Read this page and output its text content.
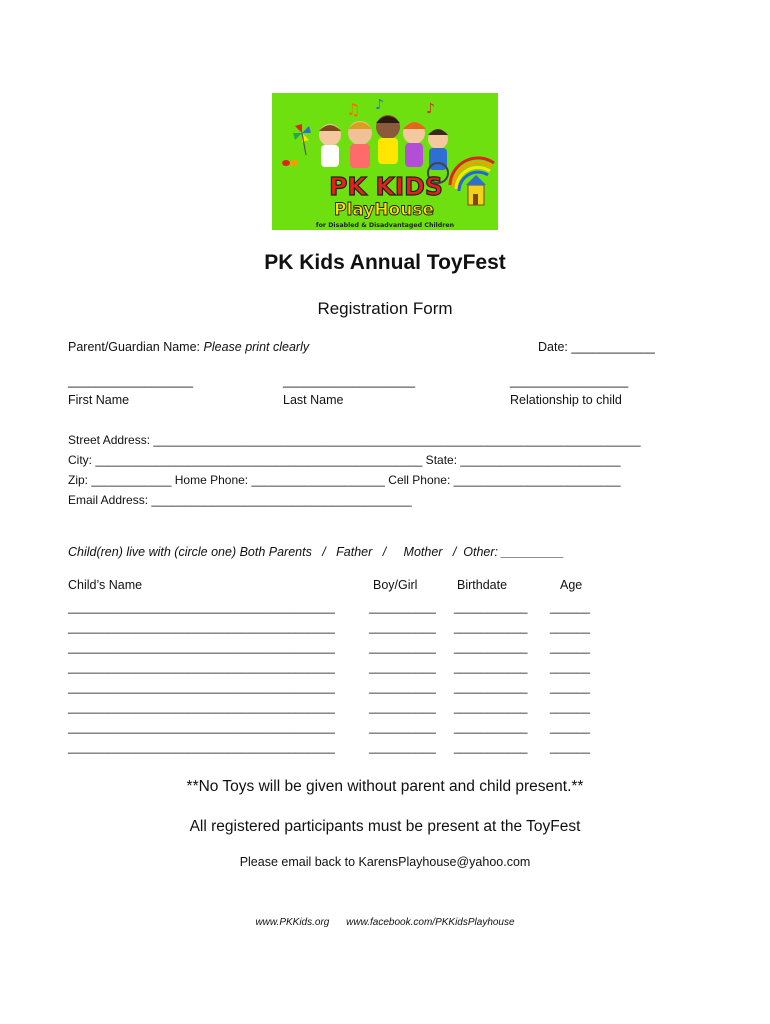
♫ ♪	♪
PK KIDS
PlayHouse
for Disabled & Disadvantaged Children
PK Kids Annual ToyFest
Registration Form
Parent/Guardian Name: Please print clearly	Date: ____________
__________________	___________________	_________________
First Name	Last Name	Relationship to child
Street Address: _________________________________________________________________________
City: _________________________________________________ State: ________________________
Zip: ____________ Home Phone: ____________________ Cell Phone: _________________________
Email Address: _______________________________________
Child(ren) live with (circle one) Both Parents   /   Father   /     Mother   /  Other: _________
Child’s Name	Boy/Girl	Birthdate	Age
________________________________________	__________ ___________ ______
________________________________________	__________ ___________ ______
________________________________________	__________ ___________ ______
________________________________________	__________ ___________ ______
________________________________________	__________ ___________ ______
________________________________________	__________ ___________ ______
________________________________________	__________ ___________ ______
________________________________________	__________ ___________ ______
**No Toys will be given without parent and child present.**
All registered participants must be present at the ToyFest
Please email back to KarensPlayhouse@yahoo.com
www.PKKids.org www.facebook.com/PKKidsPlayhouse
